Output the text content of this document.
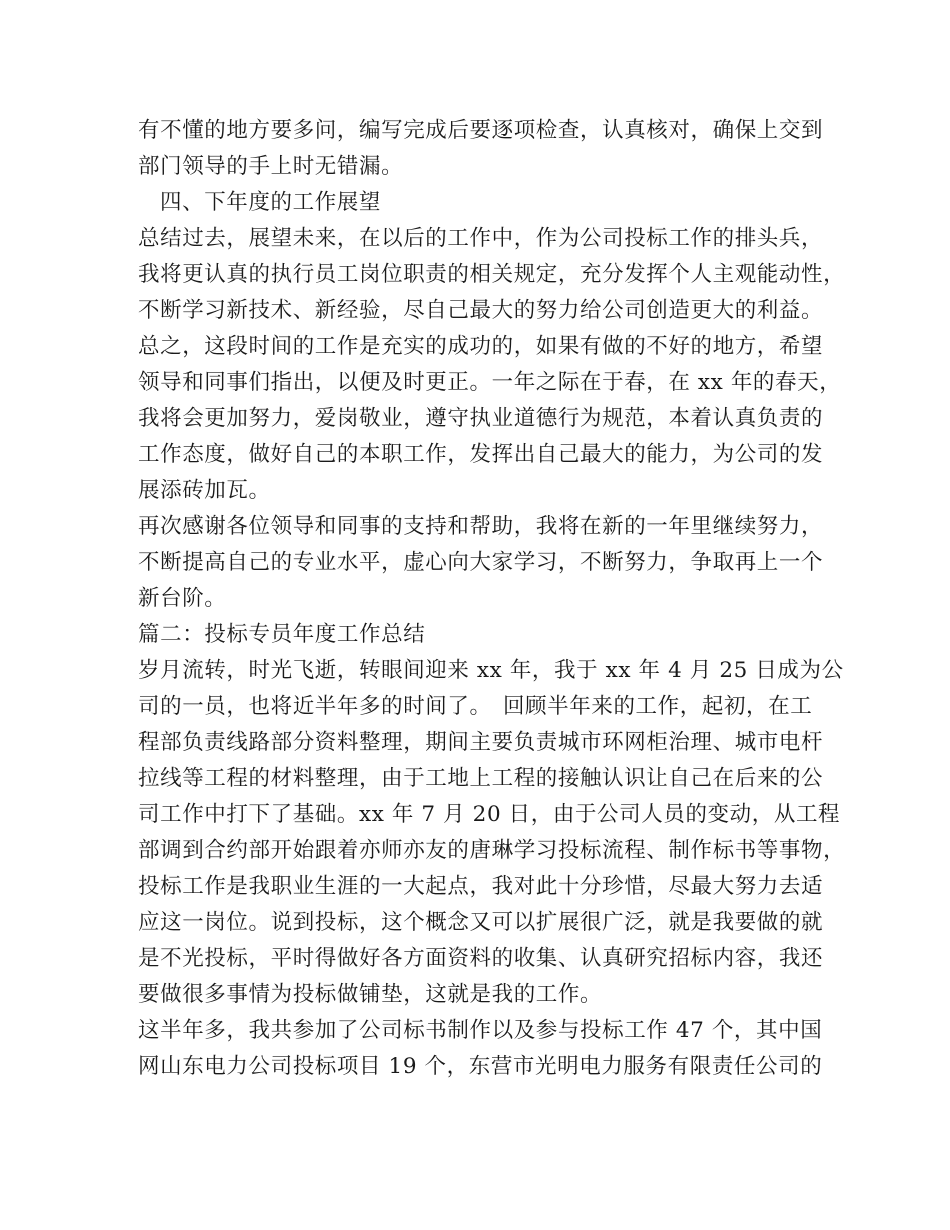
有不懂的地方要多问，编写完成后要逐项检查，认真核对，确保上交到
部门领导的手上时无错漏。
四、下年度的工作展望
总结过去，展望未来，在以后的工作中，作为公司投标工作的排头兵，
我将更认真的执行员工岗位职责的相关规定，充分发挥个人主观能动性，
不断学习新技术、新经验，尽自己最大的努力给公司创造更大的利益。
总之，这段时间的工作是充实的成功的，如果有做的不好的地方，希望
领导和同事们指出，以便及时更正。一年之际在于春，在 xx 年的春天，
我将会更加努力，爱岗敬业，遵守执业道德行为规范，本着认真负责的
工作态度，做好自己的本职工作，发挥出自己最大的能力，为公司的发
展添砖加瓦。
再次感谢各位领导和同事的支持和帮助，我将在新的一年里继续努力，
不断提高自己的专业水平，虚心向大家学习，不断努力，争取再上一个
新台阶。
篇二：投标专员年度工作总结
岁月流转，时光飞逝，转眼间迎来 xx 年，我于 xx 年 4 月 25 日成为公
司的一员，也将近半年多的时间了。　回顾半年来的工作，起初，在工
程部负责线路部分资料整理，期间主要负责城市环网柜治理、城市电杆
拉线等工程的材料整理，由于工地上工程的接触认识让自己在后来的公
司工作中打下了基础。xx 年 7 月 20 日，由于公司人员的变动，从工程
部调到合约部开始跟着亦师亦友的唐琳学习投标流程、制作标书等事物，
投标工作是我职业生涯的一大起点，我对此十分珍惜，尽最大努力去适
应这一岗位。说到投标，这个概念又可以扩展很广泛，就是我要做的就
是不光投标，平时得做好各方面资料的收集、认真研究招标内容，我还
要做很多事情为投标做铺垫，这就是我的工作。
这半年多，我共参加了公司标书制作以及参与投标工作 47 个，其中国
网山东电力公司投标项目 19 个，东营市光明电力服务有限责任公司的
